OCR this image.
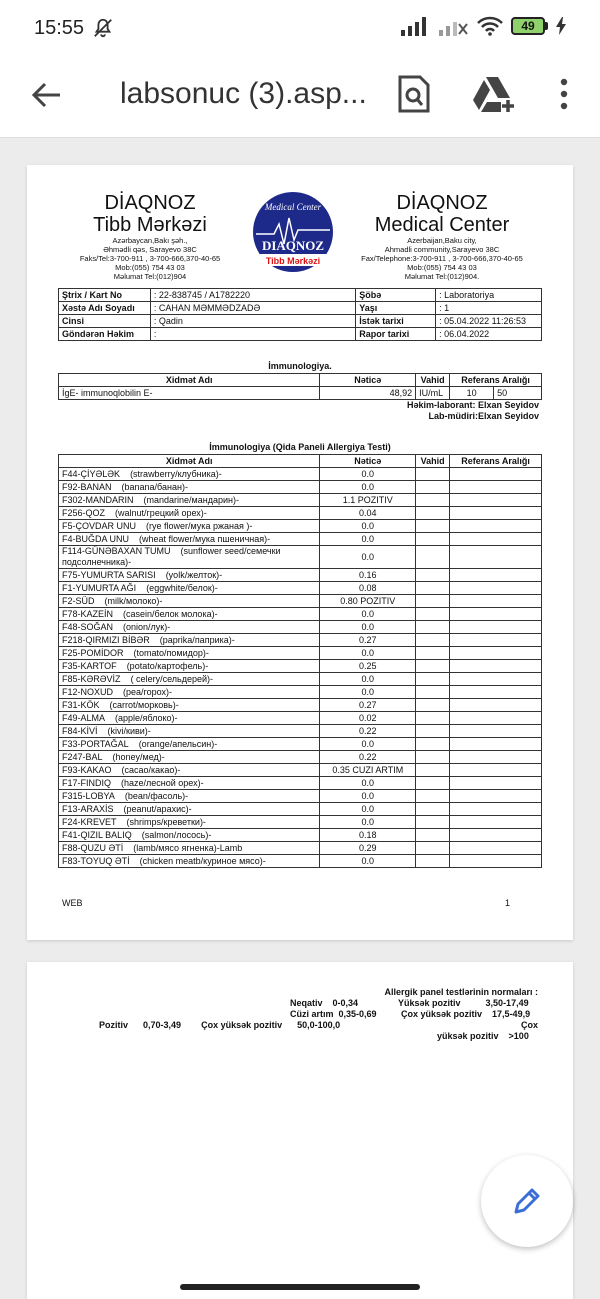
15:55	49
labsonuc (3).asp...
DİAQNOZ
Tibb Mərkəzi
Azərbaycan,Bakı şəh.,
Əhmədli qəs, Sarayevo 38C
Faks/Tel:3-700-911 , 3-700-666,370-40-65
Mob:(055) 754 43 03
Məlumat Tel:(012)904
Medical Center
DIAQNOZ
Tibb Mərkəzi
DİAQNOZ
Medical Center
Azerbaijan,Baku city,
Ahmadli community,Sarayevo 38C
Fax/Telephone:3-700-911 , 3-700-666,370-40-65
Mob:(055) 754 43 03
Məlumat Tel:(012)904.
Ştrix / Kart No	: 22-838745 / A1782220	Şöbə	: Laboratoriya
Xəstə Adı Soyadı	: CAHAN MƏMMƏDZADƏ	Yaşı	: 1
Cinsi	: Qadin	İstək tarixi	: 05.04.2022 11:26:53
Göndərən Həkim	:	Rapor tarixi	: 06.04.2022
İmmunologiya.
Xidmət Adı	Nəticə	Vahid	Referans Aralığı	
İgE- immunoqlobilin E-	48,92	IU/mL	10	50
Həkim-laborant: Elxan Seyidov
Lab-müdiri:Elxan Seyidov
İmmunologiya (Qida Paneli Allergiya Testi)
Xidmət Adı	Nəticə	Vahid	Referans Aralığı
F44-ÇİYƏLƏK (strawberry/клубника)-	0.0		
F92-BANAN (banana/банан)-	0.0		
F302-MANDARIN (mandarine/мандарин)-	1.1 POZITIV		
F256-QOZ (walnut/грецкий орех)-	0.04		
F5-ÇOVDAR UNU (rye flower/мука ржаная )-	0.0		
F4-BUĞDA UNU (wheat flower/мука пшеничная)-	0.0		
F114-GÜNƏBAXAN TUMU (sunflower seed/семечки подсолнечника)-	0.0		
F75-YUMURTA SARISI (yolk/желток)-	0.16		
F1-YUMURTA AĞI (eggwhite/белок)-	0.08		
F2-SÜD (milk/молоко)-	0.80 POZITIV		
F78-KAZEİN (casein/белок молока)-	0.0		
F48-SOĞAN (onion/лук)-	0.0		
F218-QIRMIZI BİBƏR (paprika/паприка)-	0.27		
F25-POMİDOR (tomato/помидор)-	0.0		
F35-KARTOF (potato/картофель)-	0.25		
F85-KƏRƏVİZ ( celery/сельдерей)-	0.0		
F12-NOXUD (pea/горох)-	0.0		
F31-KÖK (carrot/морковь)-	0.27		
F49-ALMA (apple/яблоко)-	0.02		
F84-KİVİ (kivi/киви)-	0.22		
F33-PORTAĞAL (orange/апельсин)-	0.0		
F247-BAL (honey/мед)-	0.22		
F93-KAKAO (cacao/какао)-	0.35 CUZI ARTIM		
F17-FINDIQ (haze/лесной орех)-	0.0		
F315-LOBYA (bean/фасоль)-	0.0		
F13-ARAXİS (peanut/арахис)-	0.0		
F24-KREVET (shrimps/креветки)-	0.0		
F41-QIZIL BALIQ (salmon/лосось)-	0.18		
F88-QUZU ƏTİ (lamb/мясо ягненка)-Lamb	0.29		
F83-TOYUQ ƏTİ (chicken meatb/куриное мясо)-	0.0		
WEB	1
Allergik panel testlərinin normaları :
Neqativ 0-0,34
Cüzi artım 0,35-0,69
Yüksək pozitiv	3,50-17,49
Çox yüksək pozitiv 17,5-49,9
Pozitiv 0,70-3,49 Çox yüksək pozitiv 50,0-100,0	Çox
yüksək pozitiv >100
